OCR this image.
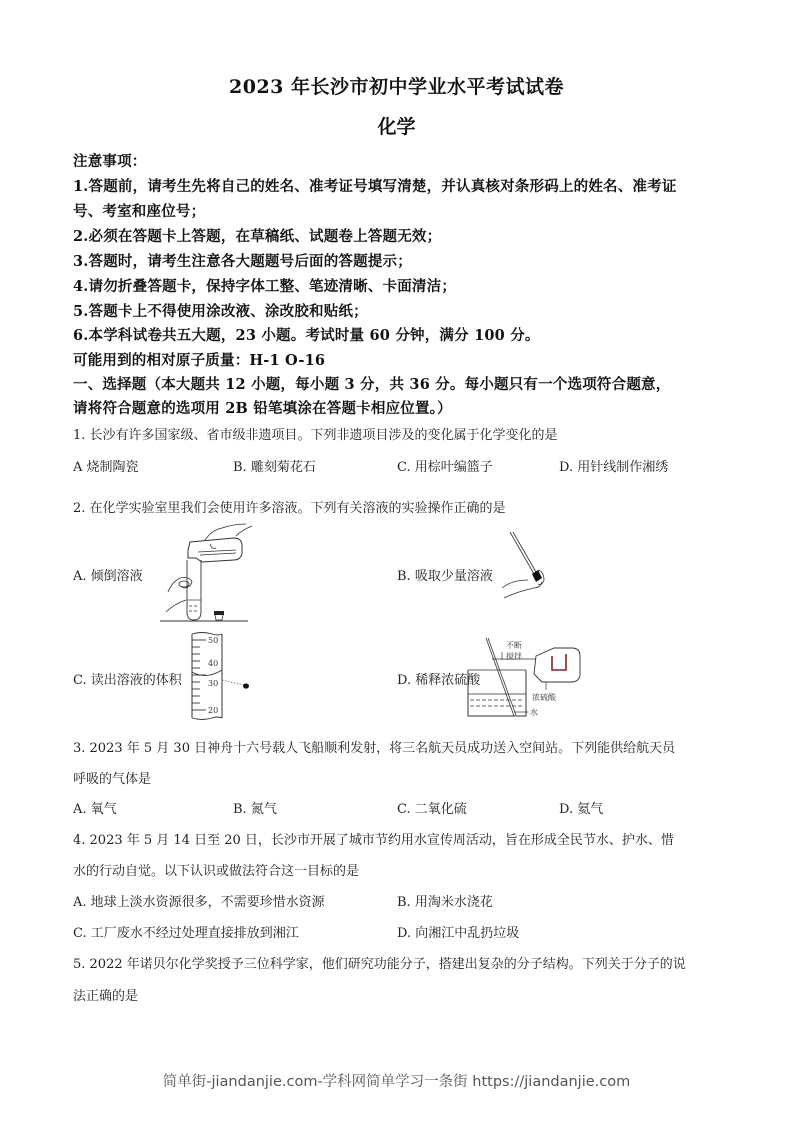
2023 年长沙市初中学业水平考试试卷
化学
注意事项：
1.答题前，请考生先将自己的姓名、准考证号填写清楚，并认真核对条形码上的姓名、准考证
号、考室和座位号；
2.必须在答题卡上答题，在草稿纸、试题卷上答题无效；
3.答题时，请考生注意各大题题号后面的答题提示；
4.请勿折叠答题卡，保持字体工整、笔迹清晰、卡面清洁；
5.答题卡上不得使用涂改液、涂改胶和贴纸；
6.本学科试卷共五大题，23 小题。考试时量 60 分钟，满分 100 分。
可能用到的相对原子质量：H-1 O-16
一、选择题（本大题共 12 小题，每小题 3 分，共 36 分。每小题只有一个选项符合题意，
请将符合题意的选项用 2B 铅笔填涂在答题卡相应位置。）
1. 长沙有许多国家级、省市级非遗项目。下列非遗项目涉及的变化属于化学变化的是
A 烧制陶瓷	B. 雕刻菊花石	C. 用棕叶编篮子	D. 用针线制作湘绣
2. 在化学实验室里我们会使用许多溶液。下列有关溶液的实验操作正确的是
A. 倾倒溶液	B. 吸取少量溶液
C. 读出溶液的体积
50
40
30
20
D. 稀释浓硫酸
不断
搅拌
浓硫酸
水
3. 2023 年 5 月 30 日神舟十六号载人飞船顺利发射，将三名航天员成功送入空间站。下列能供给航天员
呼吸的气体是
A. 氧气	B. 氮气	C. 二氧化硫	D. 氦气
4. 2023 年 5 月 14 日至 20 日，长沙市开展了城市节约用水宣传周活动，旨在形成全民节水、护水、惜
水的行动自觉。以下认识或做法符合这一目标的是
A. 地球上淡水资源很多，不需要珍惜水资源	B. 用淘米水浇花
C. 工厂废水不经过处理直接排放到湘江	D. 向湘江中乱扔垃圾
5. 2022 年诺贝尔化学奖授予三位科学家，他们研究功能分子，搭建出复杂的分子结构。下列关于分子的说
法正确的是
简单街-jiandanjie.com-学科网简单学习一条街 https://jiandanjie.com
